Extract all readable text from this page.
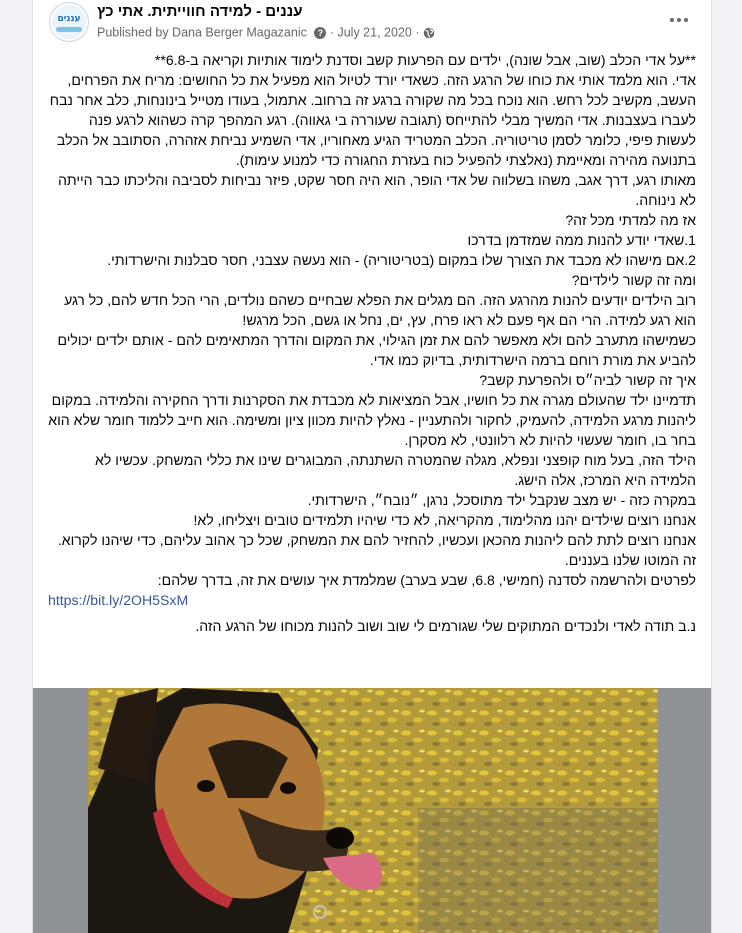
עננים	עננים - למידה חווייתית. אתי כץ
Published by Dana Berger Magazanic ? · July 21, 2020 ·

**על אדי הכלב (שוב, אבל שונה), ילדים עם הפרעות קשב וסדנת לימוד אותיות וקריאה ב-6.8**

אדי. הוא מלמד אותי את כוחו של הרגע הזה. כשאדי יורד לטיול הוא מפעיל את כל החושים: מריח את הפרחים, העשב, מקשיב לכל רחש. הוא נוכח בכל מה שקורה ברגע זה ברחוב. אתמול, בעודו מטייל בינונחות, כלב אחר נבח לעברו בעצבנות. אדי המשיך מבלי להתייחס (תגובה שעוררה בי גאווה). רגע המהפך קרה כשהוא לרגע פנה לעשות פיפי, כלומר לסמן טריטוריה. הכלב המטריד הגיע מאחוריו, אדי השמיע נביחת אזהרה, הסתובב אל הכלב בתנועה מהירה ומאיימת (נאלצתי להפעיל כוח בעזרת החגורה כדי למנוע עימות).

מאותו רגע, דרך אגב, משהו בשלווה של אדי הופר, הוא היה חסר שקט, פיזר נביחות לסביבה והליכתו כבר הייתה לא נינוחה.

אז מה למדתי מכל זה?

1.שאדי יודע להנות ממה שמזדמן בדרכו

2.אם מישהו לא מכבד את הצורך שלו במקום (בטריטוריה) - הוא נעשה עצבני, חסר סבלנות והישרדותי.

ומה זה קשור לילדים?

רוב הילדים יודעים להנות מהרגע הזה. הם מגלים את הפלא שבחיים כשהם נולדים, הרי הכל חדש להם, כל רגע הוא רגע למידה. הרי הם אף פעם לא ראו פרח, עץ, ים, נחל או גשם, הכל מרגש!

כשמישהו מתערב להם ולא מאפשר להם את זמן הגילוי, את המקום והדרך המתאימים להם - אותם ילדים יכולים להביע את מורת רוחם ברמה הישרדותית, בדיוק כמו אדי.

איך זה קשור לביה״ס ולהפרעת קשב?

תדמיינו ילד שהעולם מגרה את כל חושיו, אבל המציאות לא מכבדת את הסקרנות ודרך החקירה והלמידה. במקום ליהנות מרגע הלמידה, להעמיק, לחקור ולהתעניין - נאלץ להיות מכוון ציון ומשימה. הוא חייב ללמוד חומר שלא הוא בחר בו, חומר שעשוי להיות לא רלוונטי, לא מסקרן.

הילד הזה, בעל מוח קופצני ונפלא, מגלה שהמטרה השתנתה, המבוגרים שינו את כללי המשחק. עכשיו לא הלמידה היא המרכז, אלה הישג.

במקרה כזה - יש מצב שנקבל ילד מתוסכל, נרגן, ״נובח״, הישרדותי.

אנחנו רוצים שילדים יהנו מהלימוד, מהקריאה, לא כדי שיהיו תלמידים טובים ויצליחו, לא!

אנחנו רוצים לתת להם ליהנות מהכאן ועכשיו, להחזיר להם את המשחק, שכל כך אהוב עליהם, כדי שיהנו לקרוא. זה המוטו שלנו בעננים.

לפרטים ולהרשמה לסדנה (חמישי, 6.8, שבע בערב) שמלמדת איך עושים את זה, בדרך שלהם:

https://bit.ly/2OH5SxM

נ.ב תודה לאדי ולנכדים המתוקים שלי שגורמים לי שוב ושוב להנות מכוחו של הרגע הזה.
